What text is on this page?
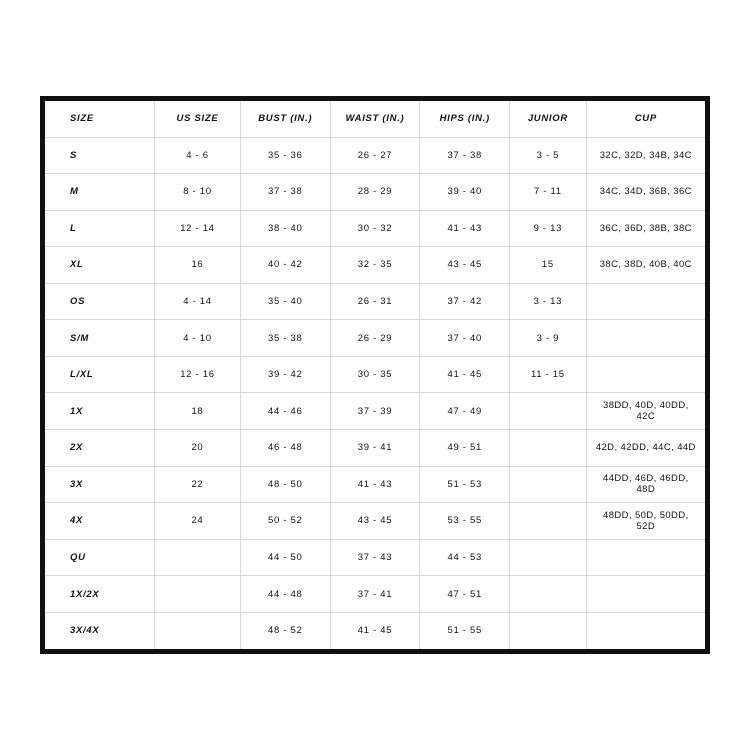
SIZE	US SIZE	BUST (IN.)	WAIST (IN.)	HIPS (IN.)	JUNIOR	CUP
S	4 - 6	35 - 36	26 - 27	37 - 38	3 - 5	32C, 32D, 34B, 34C
M	8 - 10	37 - 38	28 - 29	39 - 40	7 - 11	34C, 34D, 36B, 36C
L	12 - 14	38 - 40	30 - 32	41 - 43	9 - 13	36C, 36D, 38B, 38C
XL	16	40 - 42	32 - 35	43 - 45	15	38C, 38D, 40B, 40C
OS	4 - 14	35 - 40	26 - 31	37 - 42	3 - 13	
S/M	4 - 10	35 - 38	26 - 29	37 - 40	3 - 9	
L/XL	12 - 16	39 - 42	30 - 35	41 - 45	11 - 15	
1X	18	44 - 46	37 - 39	47 - 49		38DD, 40D, 40DD, 42C
2X	20	46 - 48	39 - 41	49 - 51		42D, 42DD, 44C, 44D
3X	22	48 - 50	41 - 43	51 - 53		44DD, 46D, 46DD, 48D
4X	24	50 - 52	43 - 45	53 - 55		48DD, 50D, 50DD, 52D
QU		44 - 50	37 - 43	44 - 53		
1X/2X		44 - 48	37 - 41	47 - 51		
3X/4X		48 - 52	41 - 45	51 - 55		
